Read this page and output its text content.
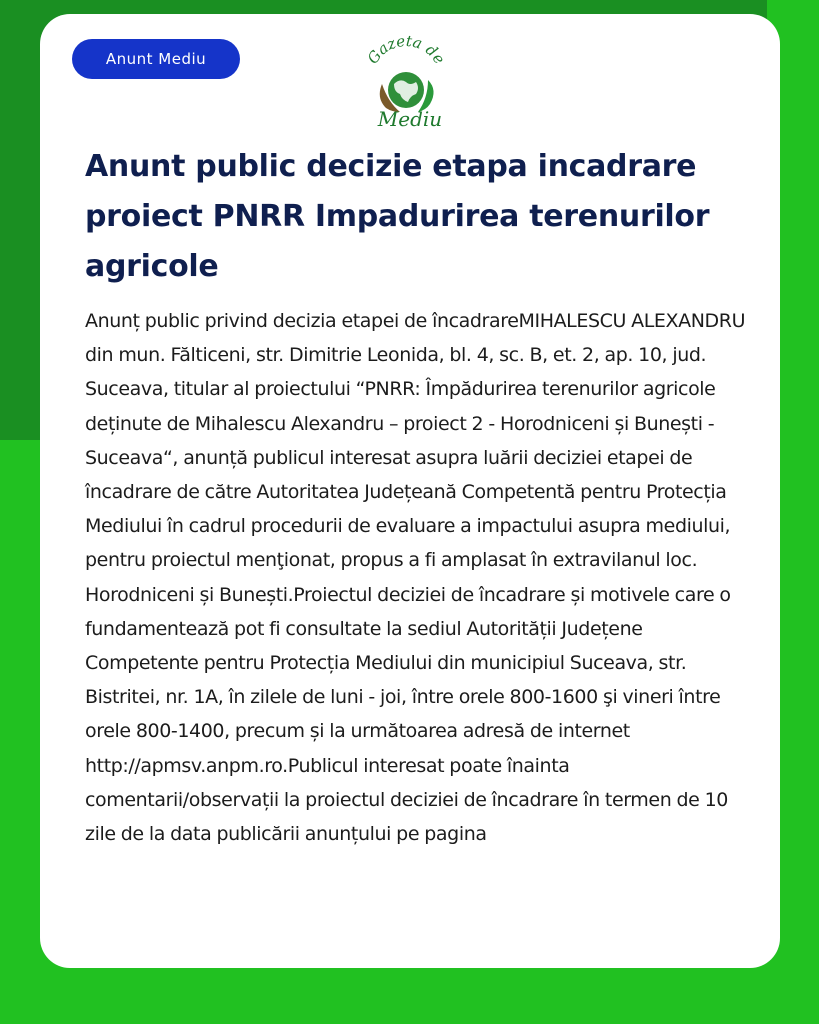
Anunt Mediu	Gazeta de
Mediu
Anunt public decizie etapa incadrare proiect PNRR Impadurirea terenurilor agricole

Anunț public privind decizia etapei de încadrareMIHALESCU ALEXANDRU din mun. Fălticeni, str. Dimitrie Leonida, bl. 4, sc. B, et. 2, ap. 10, jud. Suceava, titular al proiectului “PNRR: Împădurirea terenurilor agricole deținute de Mihalescu Alexandru – proiect 2 - Horodniceni și Bunești - Suceava“, anunță publicul interesat asupra luării deciziei etapei de încadrare de către Autoritatea Județeană Competentă pentru Protecția Mediului în cadrul procedurii de evaluare a impactului asupra mediului, pentru proiectul menţionat, propus a fi amplasat în extravilanul loc. Horodniceni și Bunești.Proiectul deciziei de încadrare și motivele care o fundamentează pot fi consultate la sediul Autorității Județene Competente pentru Protecția Mediului din municipiul Suceava, str. Bistritei, nr. 1A, în zilele de luni - joi, între orele 800-1600 şi vineri între orele 800-1400, precum și la următoarea adresă de internet http://apmsv.anpm.ro.Publicul interesat poate înainta comentarii/observații la proiectul deciziei de încadrare în termen de 10 zile de la data publicării anunțului pe pagina
